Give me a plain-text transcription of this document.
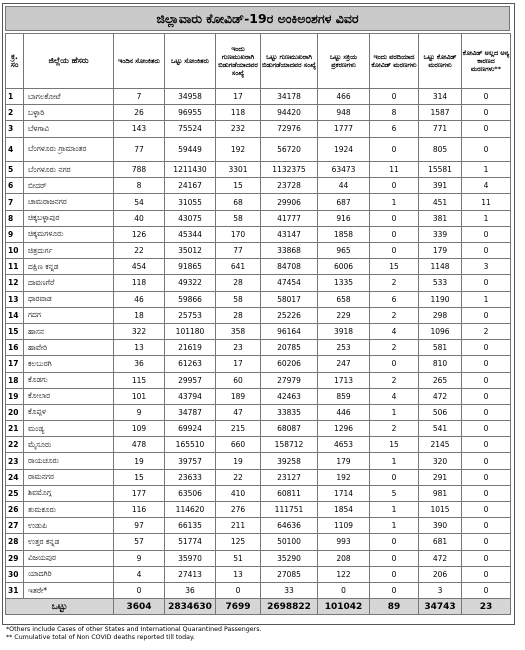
ಜಿಲ್ಲಾವಾರು ಕೋವಿಡ್-19ರ ಅಂಕಿಅಂಶಗಳ ವಿವರ
ಕ್ರ. ಸಂ	ಜಿಲ್ಲೆಯ ಹೆಸರು	ಇಂದಿನ ಸೋಂಕಿತರು	ಒಟ್ಟು ಸೋಂಕಿತರು	ಇಂದು ಗುಣಮುಖರಾಗಿ ಬಿಡುಗಡೆಯಾದವರ ಸಂಖ್ಯೆ	ಒಟ್ಟು ಗುಣಮುಖರಾಗಿ ಬಿಡುಗಡೆಯಾದವರ ಸಂಖ್ಯೆ	ಒಟ್ಟು ಸಕ್ರಿಯ ಪ್ರಕರಣಗಳು	ಇಂದು ವರದಿಯಾದ ಕೋವಿಡ್ ಮರಣಗಳು	ಒಟ್ಟು ಕೋವಿಡ್ ಮರಣಗಳು	ಕೋವಿಡ್ ಅಲ್ಲದ ಅನ್ಯ ಕಾರಣದ ಮರಣಗಳು**
1	ಬಾಗಲಕೋಟೆ	7	34958	17	34178	466	0	314	0
2	ಬಳ್ಳಾರಿ	26	96955	118	94420	948	8	1587	0
3	ಬೆಳಗಾವಿ	143	75524	232	72976	1777	6	771	0
4	ಬೆಂಗಳೂರು ಗ್ರಾಮಾಂತರ	77	59449	192	56720	1924	0	805	0
5	ಬೆಂಗಳೂರು ನಗರ	788	1211430	3301	1132375	63473	11	15581	1
6	ಬೀದರ್	8	24167	15	23728	44	0	391	4
7	ಚಾಮರಾಜನಗರ	54	31055	68	29906	687	1	451	11
8	ಚಿಕ್ಕಬಳ್ಳಾಪುರ	40	43075	58	41777	916	0	381	1
9	ಚಿಕ್ಕಮಗಳೂರು	126	45344	170	43147	1858	0	339	0
10	ಚಿತ್ರದುರ್ಗ	22	35012	77	33868	965	0	179	0
11	ದಕ್ಷಿಣ ಕನ್ನಡ	454	91865	641	84708	6006	15	1148	3
12	ದಾವಣಗೆರೆ	118	49322	28	47454	1335	2	533	0
13	ಧಾರವಾಡ	46	59866	58	58017	658	6	1190	1
14	ಗದಗ	18	25753	28	25226	229	2	298	0
15	ಹಾಸನ	322	101180	358	96164	3918	4	1096	2
16	ಹಾವೇರಿ	13	21619	23	20785	253	2	581	0
17	ಕಲಬುರಗಿ	36	61263	17	60206	247	0	810	0
18	ಕೊಡಗು	115	29957	60	27979	1713	2	265	0
19	ಕೋಲಾರ	101	43794	189	42463	859	4	472	0
20	ಕೊಪ್ಪಳ	9	34787	47	33835	446	1	506	0
21	ಮಂಡ್ಯ	109	69924	215	68087	1296	2	541	0
22	ಮೈಸೂರು	478	165510	660	158712	4653	15	2145	0
23	ರಾಯಚೂರು	19	39757	19	39258	179	1	320	0
24	ರಾಮನಗರ	15	23633	22	23127	192	0	291	0
25	ಶಿವಮೊಗ್ಗ	177	63506	410	60811	1714	5	981	0
26	ತುಮಕೂರು	116	114620	276	111751	1854	1	1015	0
27	ಉಡುಪಿ	97	66135	211	64636	1109	1	390	0
28	ಉತ್ತರ ಕನ್ನಡ	57	51774	125	50100	993	0	681	0
29	ವಿಜಯಪುರ	9	35970	51	35290	208	0	472	0
30	ಯಾದಗಿರಿ	4	27413	13	27085	122	0	206	0
31	ಇತರೇ*	0	36	0	33	0	0	3	0
ಒಟ್ಟು		3604	2834630	7699	2698822	101042	89	34743	23
*Others include Cases of other States and International Quarantined Passengers.
** Cumulative total of Non COVID deaths reported till today.
